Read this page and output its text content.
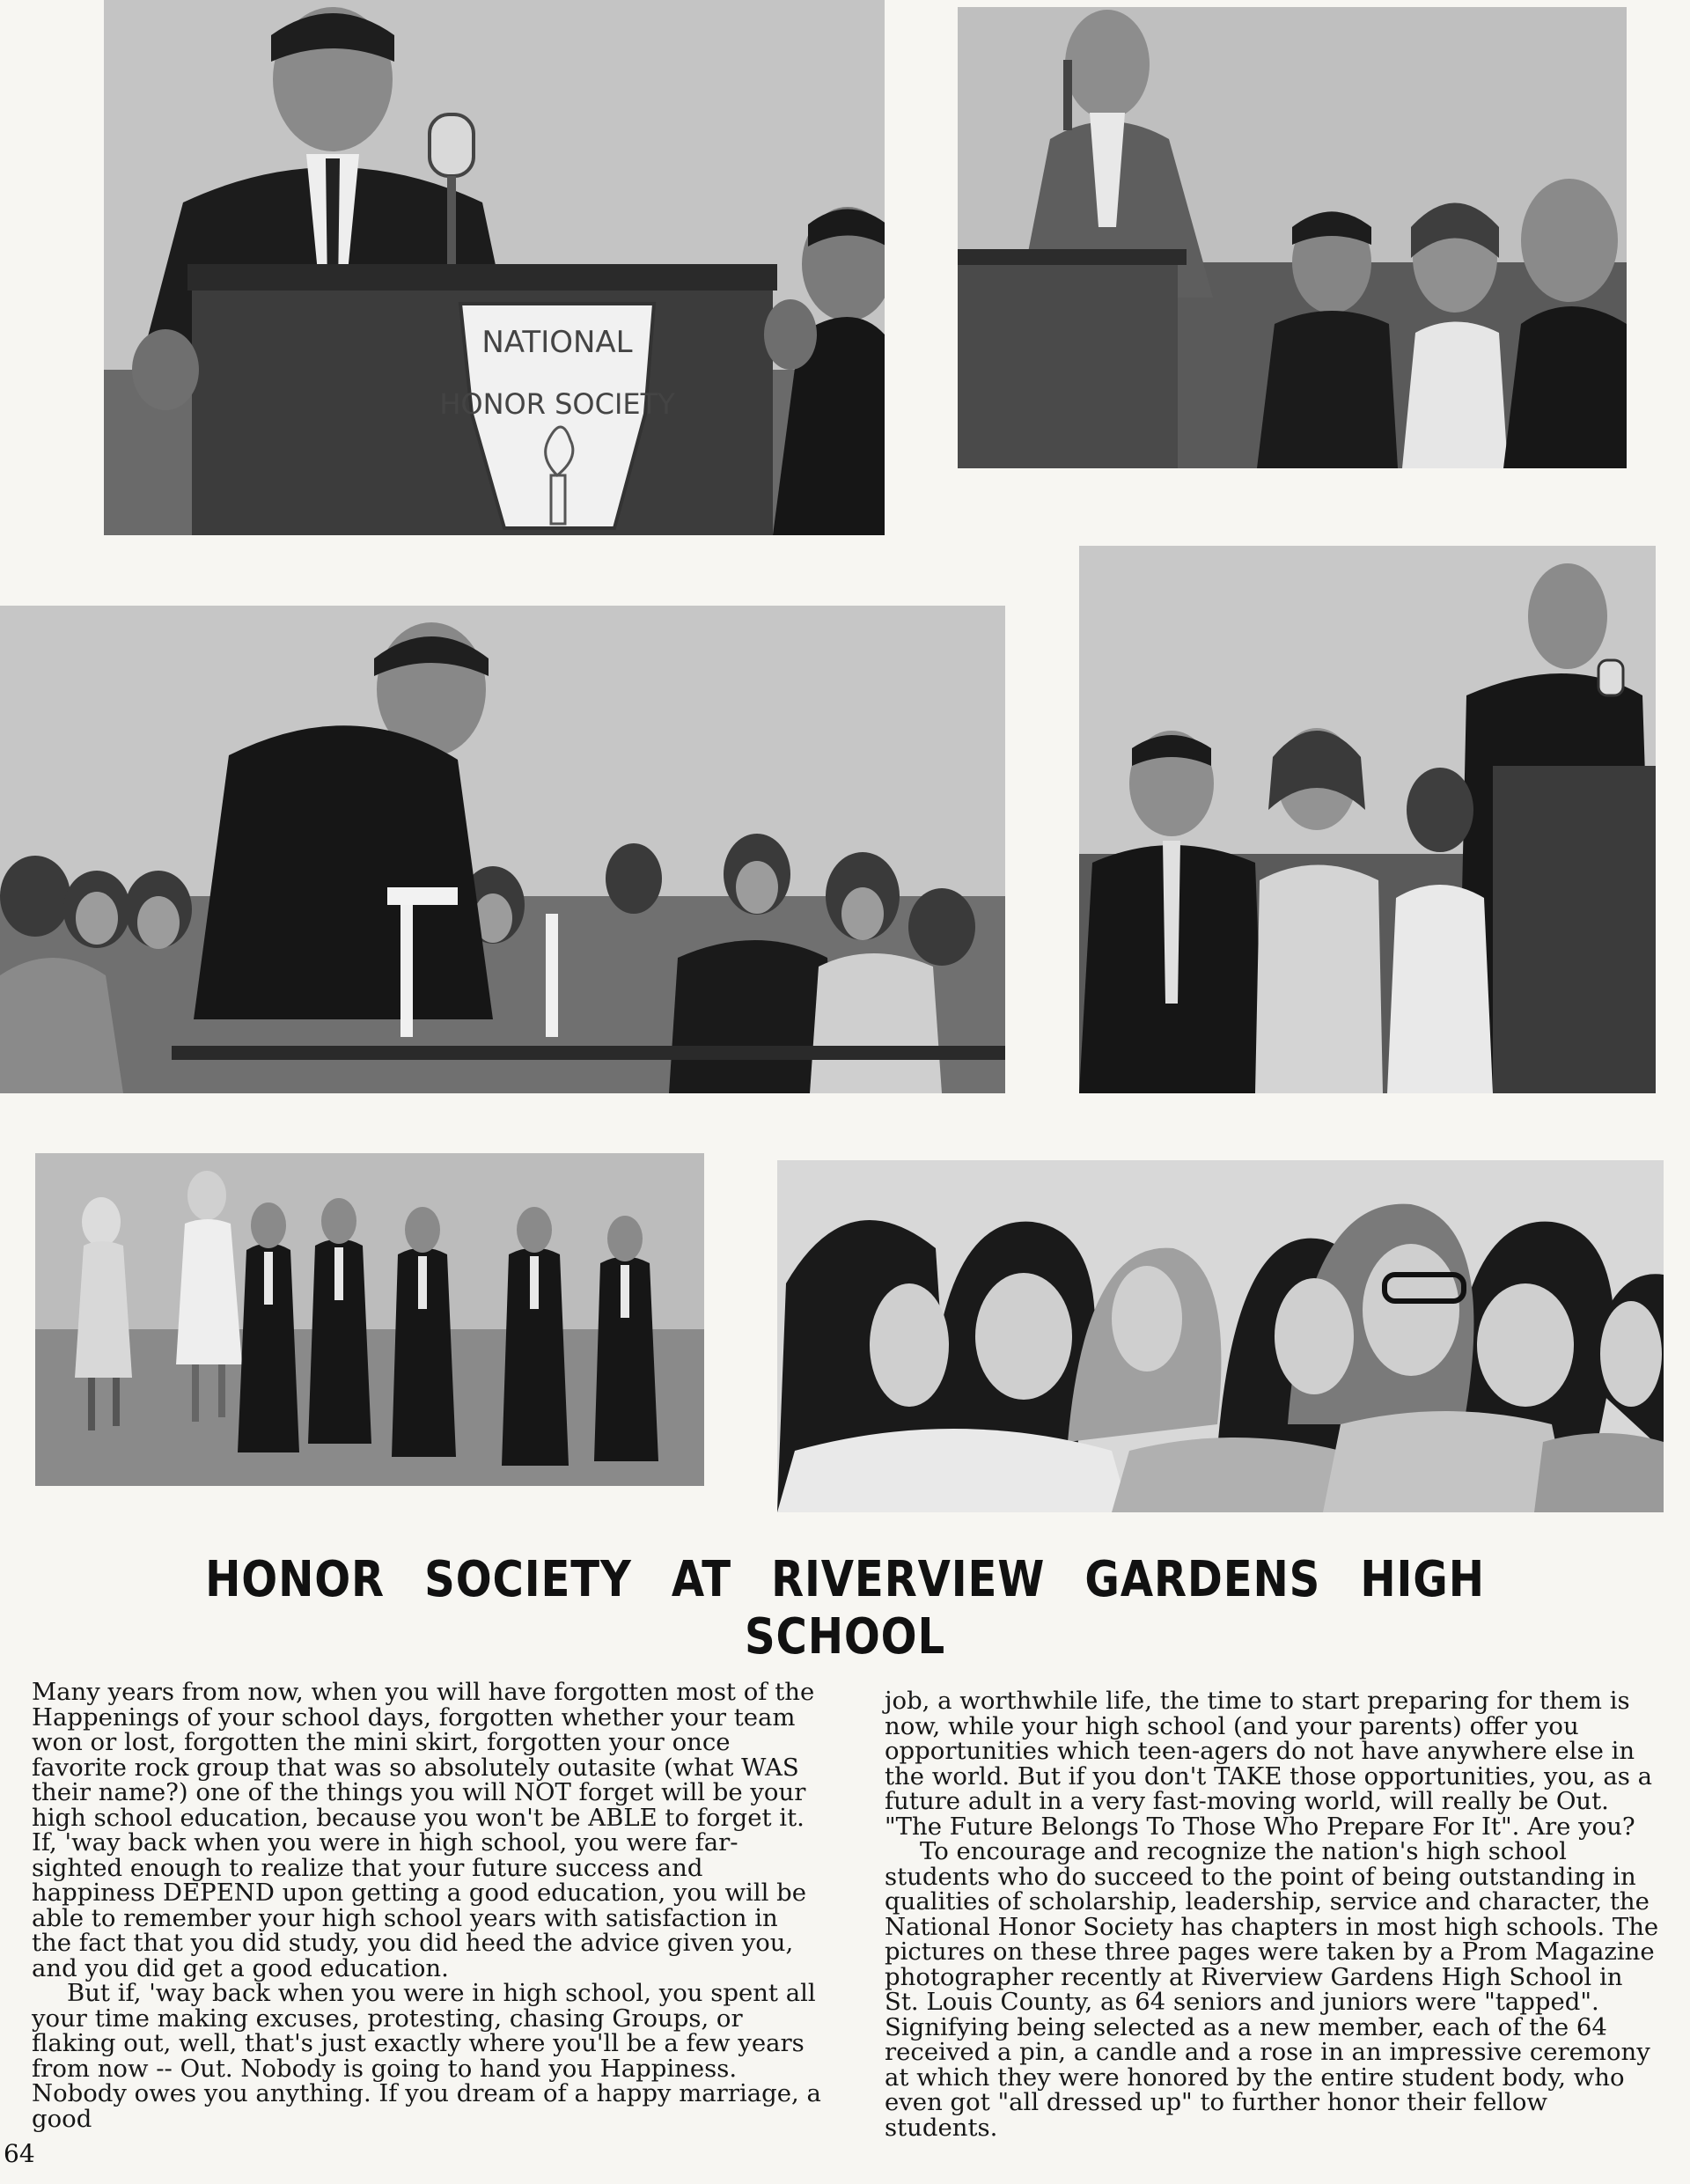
NATIONAL
HONOR SOCIETY
HONOR SOCIETY AT RIVERVIEW GARDENS HIGH SCHOOL

Many years from now, when you will have forgotten most of the Happenings of your school days, forgotten whether your team won or lost, forgotten the mini skirt, forgotten your once favorite rock group that was so absolutely outasite (what WAS their name?) one of the things you will NOT forget will be your high school education, because you won't be ABLE to forget it. If, 'way back when you were in high school, you were far-sighted enough to realize that your future success and happiness DEPEND upon getting a good education, you will be able to remember your high school years with satisfaction in the fact that you did study, you did heed the advice given you, and you did get a good education.

But if, 'way back when you were in high school, you spent all your time making excuses, protesting, chasing Groups, or flaking out, well, that's just exactly where you'll be a few years from now -- Out. Nobody is going to hand you Happiness. Nobody owes you anything. If you dream of a happy marriage, a good

job, a worthwhile life, the time to start preparing for them is now, while your high school (and your parents) offer you opportunities which teen-agers do not have anywhere else in the world. But if you don't TAKE those opportunities, you, as a future adult in a very fast-moving world, will really be Out. "The Future Belongs To Those Who Prepare For It". Are you?

To encourage and recognize the nation's high school students who do succeed to the point of being outstanding in qualities of scholarship, leadership, service and character, the National Honor Society has chapters in most high schools. The pictures on these three pages were taken by a Prom Magazine photographer recently at Riverview Gardens High School in St. Louis County, as 64 seniors and juniors were "tapped". Signifying being selected as a new member, each of the 64 received a pin, a candle and a rose in an impressive ceremony at which they were honored by the entire student body, who even got "all dressed up" to further honor their fellow students.

64
